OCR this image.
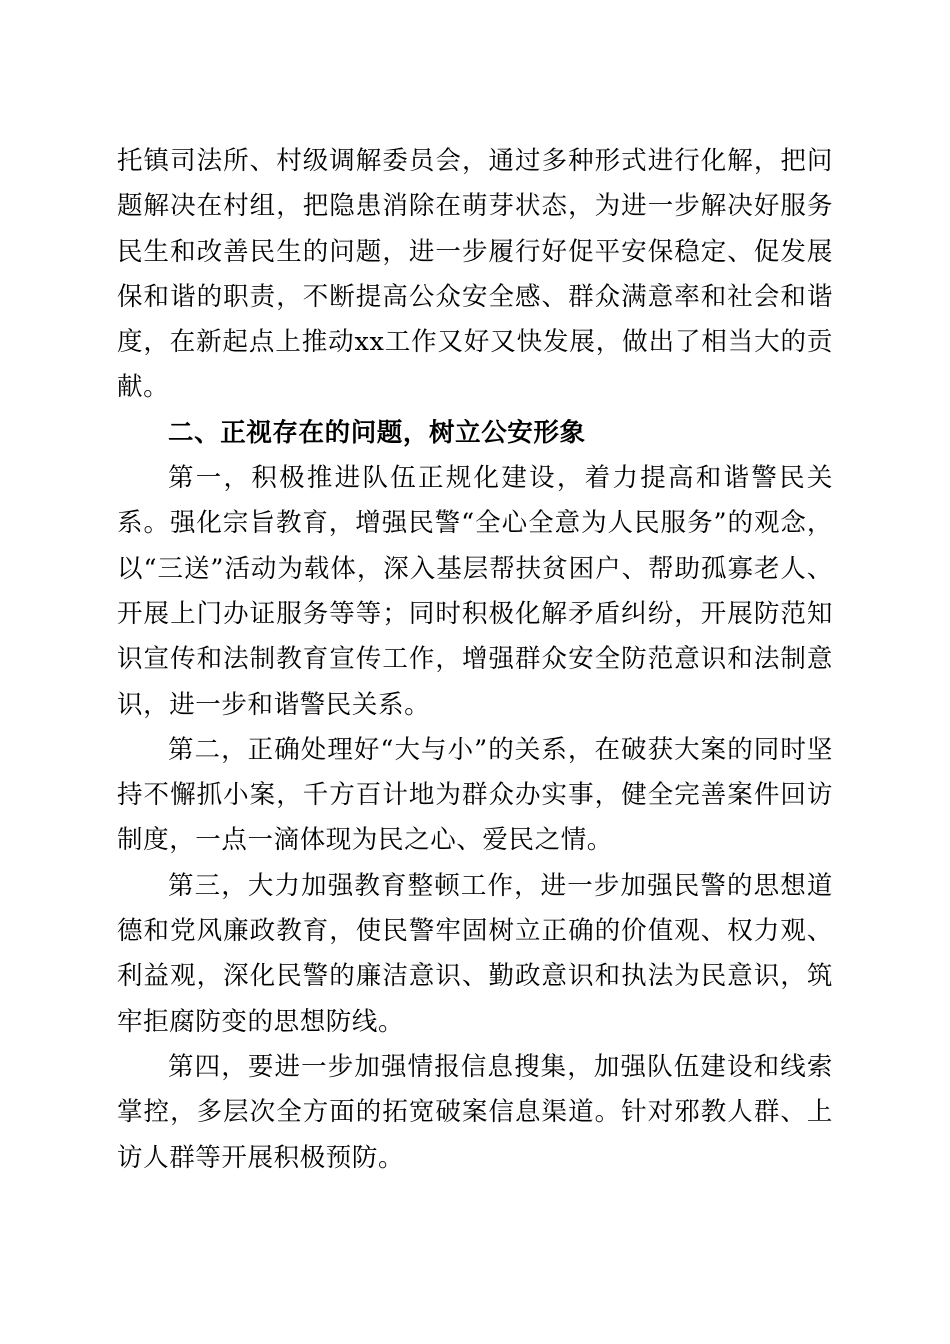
托镇司法所、村级调解委员会，通过多种形式进行化解，把问题解决在村组，把隐患消除在萌芽状态，为进一步解决好服务民生和改善民生的问题，进一步履行好促平安保稳定、促发展保和谐的职责，不断提高公众安全感、群众满意率和社会和谐度，在新起点上推动xx工作又好又快发展，做出了相当大的贡献。

二、正视存在的问题，树立公安形象

第一，积极推进队伍正规化建设，着力提高和谐警民关系。强化宗旨教育，增强民警“全心全意为人民服务”的观念，以“三送”活动为载体，深入基层帮扶贫困户、帮助孤寡老人、开展上门办证服务等等；同时积极化解矛盾纠纷，开展防范知识宣传和法制教育宣传工作，增强群众安全防范意识和法制意识，进一步和谐警民关系。

第二，正确处理好“大与小”的关系，在破获大案的同时坚持不懈抓小案，千方百计地为群众办实事，健全完善案件回访制度，一点一滴体现为民之心、爱民之情。

第三，大力加强教育整顿工作，进一步加强民警的思想道德和党风廉政教育，使民警牢固树立正确的价值观、权力观、利益观，深化民警的廉洁意识、勤政意识和执法为民意识，筑牢拒腐防变的思想防线。

第四，要进一步加强情报信息搜集，加强队伍建设和线索掌控，多层次全方面的拓宽破案信息渠道。针对邪教人群、上访人群等开展积极预防。
